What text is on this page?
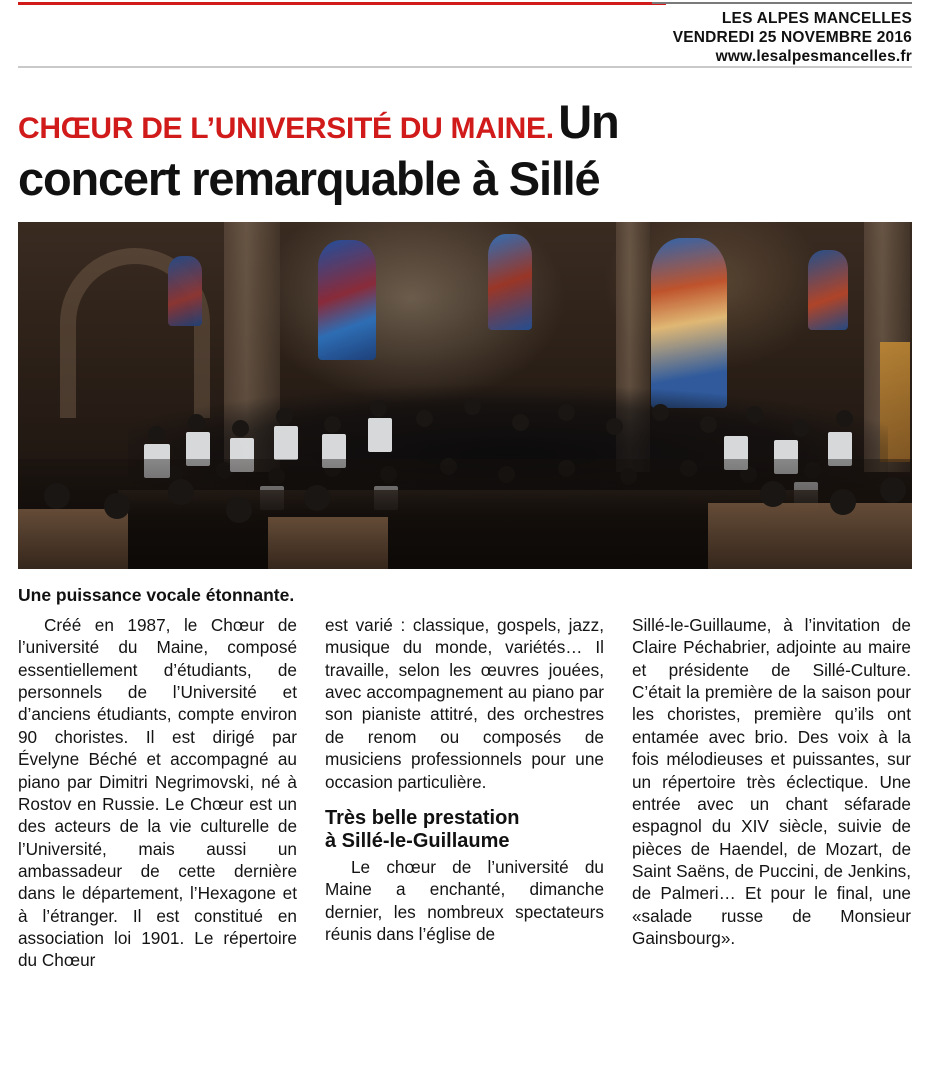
LES ALPES MANCELLES
VENDREDI 25 NOVEMBRE 2016
www.lesalpesmancelles.fr
CHŒUR DE L’UNIVERSITÉ DU MAINE. Un
concert remarquable à Sillé
Une puissance vocale étonnante.

Créé en 1987, le Chœur de l’université du Maine, composé essentiellement d’étudiants, de personnels de l’Université et d’anciens étudiants, compte environ 90 choristes. Il est dirigé par Évelyne Béché et accompagné au piano par Dimitri Negrimovski, né à Rostov en Russie. Le Chœur est un des acteurs de la vie culturelle de l’Université, mais aussi un ambassadeur de cette dernière dans le département, l’Hexagone et à l’étranger. Il est constitué en association loi 1901. Le répertoire du Chœur

est varié : classique, gospels, jazz, musique du monde, variétés… Il travaille, selon les œuvres jouées, avec accompagnement au piano par son pianiste attitré, des orchestres de renom ou composés de musiciens professionnels pour une occasion particulière.

Très belle prestation
à Sillé-le-Guillaume

Le chœur de l’université du Maine a enchanté, dimanche dernier, les nombreux spectateurs réunis dans l’église de

Sillé-le-Guillaume, à l’invitation de Claire Péchabrier, adjointe au maire et présidente de Sillé-Culture. C’était la première de la saison pour les choristes, première qu’ils ont entamée avec brio. Des voix à la fois mélodieuses et puissantes, sur un répertoire très éclectique. Une entrée avec un chant séfarade espagnol du XIV siècle, suivie de pièces de Haendel, de Mozart, de Saint Saëns, de Puccini, de Jenkins, de Palmeri… Et pour le final, une «salade russe de Monsieur Gainsbourg».
